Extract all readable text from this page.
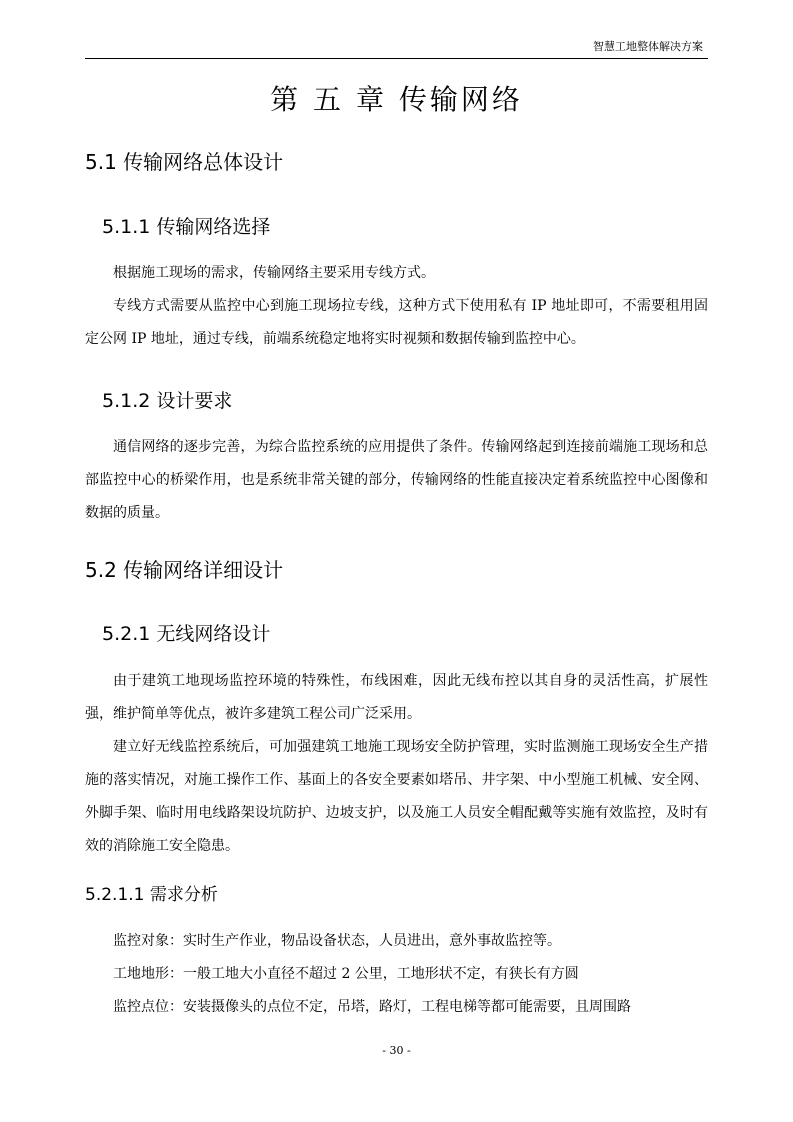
智慧工地整体解决方案
第 五 章 传输网络
5.1 传输网络总体设计
5.1.1 传输网络选择

根据施工现场的需求，传输网络主要采用专线方式。

专线方式需要从监控中心到施工现场拉专线，这种方式下使用私有 IP 地址即可，不需要租用固定公网 IP 地址，通过专线，前端系统稳定地将实时视频和数据传输到监控中心。

5.1.2 设计要求

通信网络的逐步完善，为综合监控系统的应用提供了条件。传输网络起到连接前端施工现场和总部监控中心的桥梁作用，也是系统非常关键的部分，传输网络的性能直接决定着系统监控中心图像和数据的质量。

5.2 传输网络详细设计
5.2.1 无线网络设计

由于建筑工地现场监控环境的特殊性，布线困难，因此无线布控以其自身的灵活性高，扩展性强，维护简单等优点，被许多建筑工程公司广泛采用。

建立好无线监控系统后，可加强建筑工地施工现场安全防护管理，实时监测施工现场安全生产措施的落实情况，对施工操作工作、基面上的各安全要素如塔吊、井字架、中小型施工机械、安全网、外脚手架、临时用电线路架设坑防护、边坡支护，以及施工人员安全帽配戴等实施有效监控，及时有效的消除施工安全隐患。

5.2.1.1 需求分析

监控对象：实时生产作业，物品设备状态，人员进出，意外事故监控等。

工地地形：一般工地大小直径不超过 2 公里，工地形状不定，有狭长有方圆

监控点位：安装摄像头的点位不定，吊塔，路灯，工程电梯等都可能需要，且周围路

- 30 -
